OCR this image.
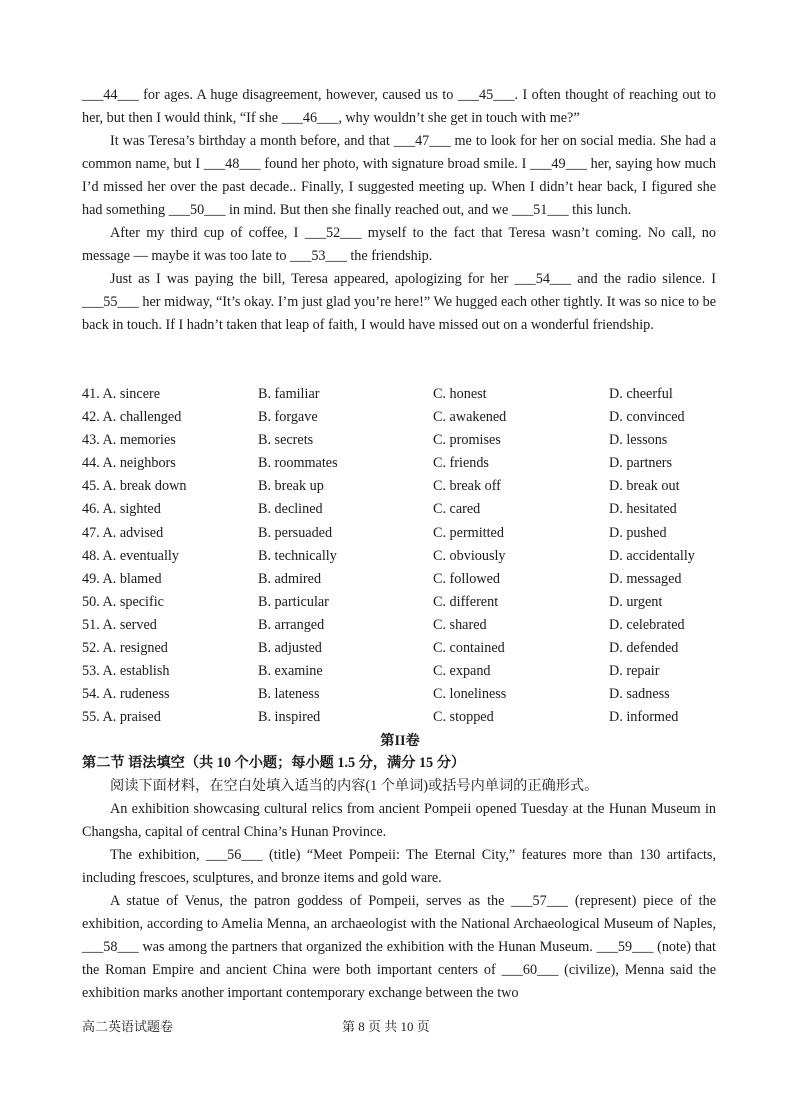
___44___ for ages. A huge disagreement, however, caused us to ___45___. I often thought of reaching out to her, but then I would think, “If she ___46___, why wouldn’t she get in touch with me?”

It was Teresa’s birthday a month before, and that ___47___ me to look for her on social media. She had a common name, but I ___48___ found her photo, with signature broad smile. I ___49___ her, saying how much I’d missed her over the past decade.. Finally, I suggested meeting up. When I didn’t hear back, I figured she had something ___50___ in mind. But then she finally reached out, and we ___51___ this lunch.

After my third cup of coffee, I ___52___ myself to the fact that Teresa wasn’t coming. No call, no message — maybe it was too late to ___53___ the friendship.

Just as I was paying the bill, Teresa appeared, apologizing for her ___54___ and the radio silence. I ___55___ her midway, “It’s okay. I’m just glad you’re here!” We hugged each other tightly. It was so nice to be back in touch. If I hadn’t taken that leap of faith, I would have missed out on a wonderful friendship.

41. A. sincere	B. familiar	C. honest	D. cheerful
42. A. challenged	B. forgave	C. awakened	D. convinced
43. A. memories	B. secrets	C. promises	D. lessons
44. A. neighbors	B. roommates	C. friends	D. partners
45. A. break down	B. break up	C. break off	D. break out
46. A. sighted	B. declined	C. cared	D. hesitated
47. A. advised	B. persuaded	C. permitted	D. pushed
48. A. eventually	B. technically	C. obviously	D. accidentally
49. A. blamed	B. admired	C. followed	D. messaged
50. A. specific	B. particular	C. different	D. urgent
51. A. served	B. arranged	C. shared	D. celebrated
52. A. resigned	B. adjusted	C. contained	D. defended
53. A. establish	B. examine	C. expand	D. repair
54. A. rudeness	B. lateness	C. loneliness	D. sadness
55. A. praised	B. inspired	C. stopped	D. informed
第II卷

第二节 语法填空（共 10 个小题；每小题 1.5 分，满分 15 分）

阅读下面材料，在空白处填入适当的内容(1 个单词)或括号内单词的正确形式。

An exhibition showcasing cultural relics from ancient Pompeii opened Tuesday at the Hunan Museum in Changsha, capital of central China’s Hunan Province.

The exhibition, ___56___ (title) “Meet Pompeii: The Eternal City,” features more than 130 artifacts, including frescoes, sculptures, and bronze items and gold ware.

A statue of Venus, the patron goddess of Pompeii, serves as the ___57___ (represent) piece of the exhibition, according to Amelia Menna, an archaeologist with the National Archaeological Museum of Naples, ___58___ was among the partners that organized the exhibition with the Hunan Museum. ___59___ (note) that the Roman Empire and ancient China were both important centers of ___60___ (civilize), Menna said the exhibition marks another important contemporary exchange between the two

高二英语试题卷	第 8 页 共 10 页
